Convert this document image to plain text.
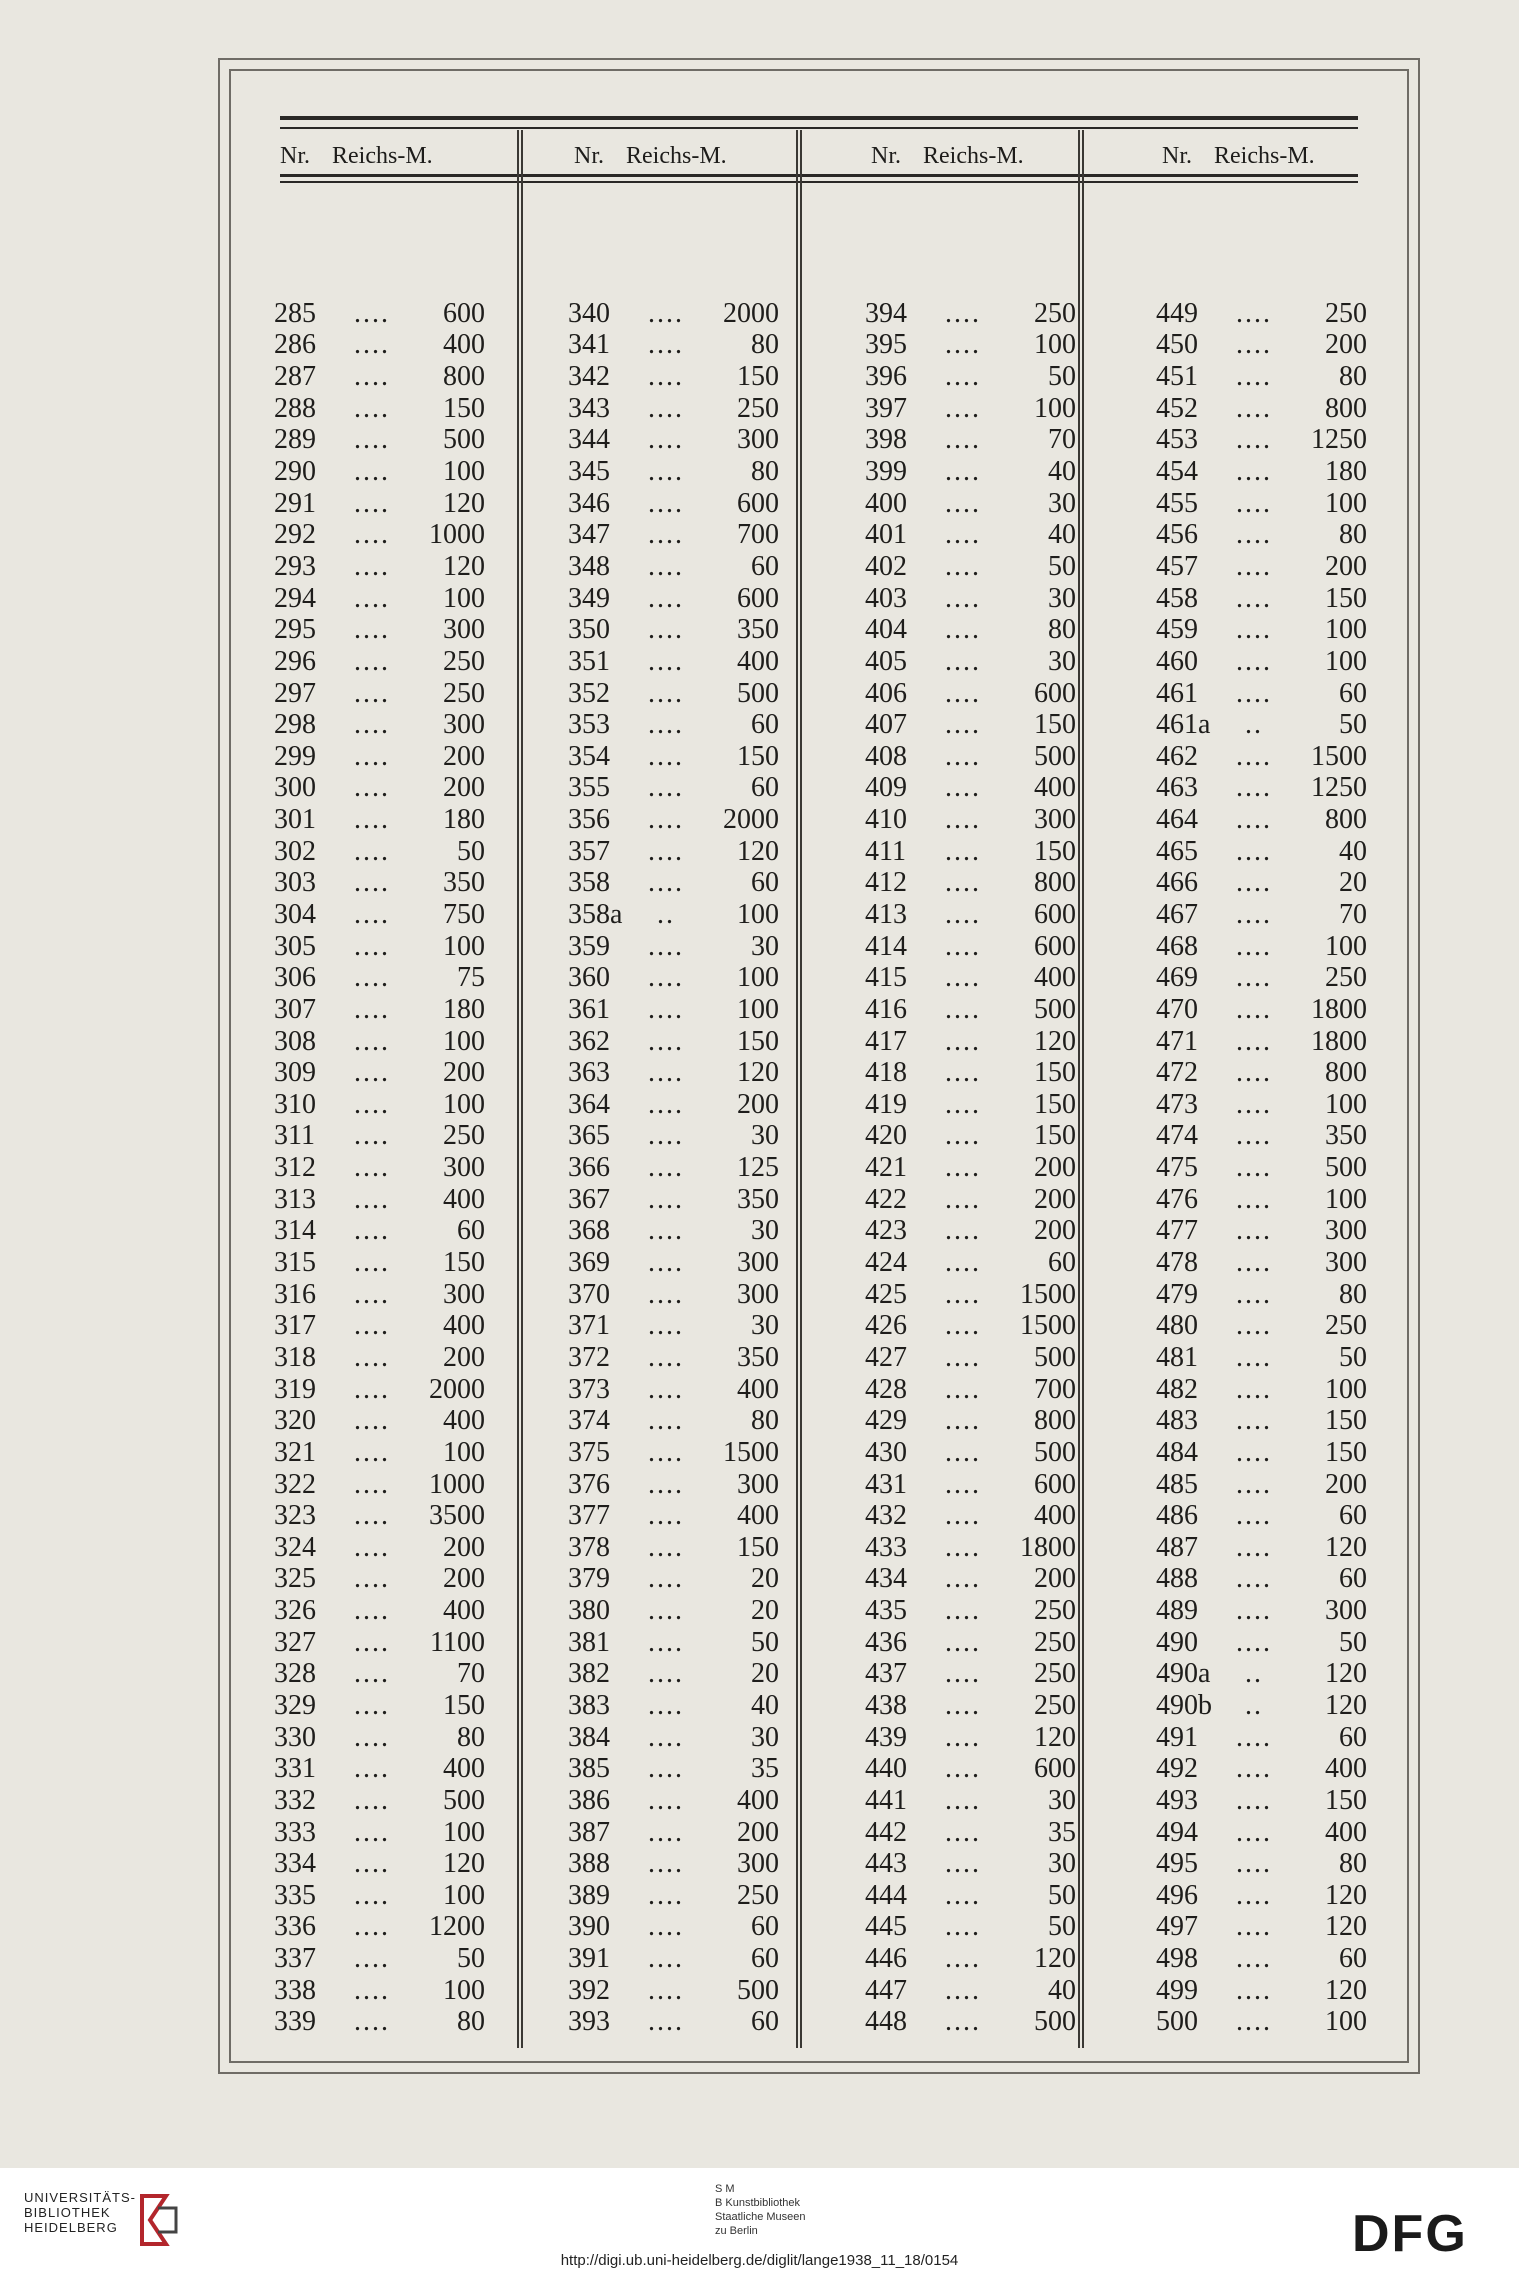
Nr. Reichs-M.
285	....	600
286	....	400
287	....	800
288	....	150
289	....	500
290	....	100
291	....	120
292	....	1000
293	....	120
294	....	100
295	....	300
296	....	250
297	....	250
298	....	300
299	....	200
300	....	200
301	....	180
302	....	50
303	....	350
304	....	750
305	....	100
306	....	75
307	....	180
308	....	100
309	....	200
310	....	100
311	....	250
312	....	300
313	....	400
314	....	60
315	....	150
316	....	300
317	....	400
318	....	200
319	....	2000
320	....	400
321	....	100
322	....	1000
323	....	3500
324	....	200
325	....	200
326	....	400
327	....	1100
328	....	70
329	....	150
330	....	80
331	....	400
332	....	500
333	....	100
334	....	120
335	....	100
336	....	1200
337	....	50
338	....	100
339	....	80
Nr. Reichs-M.
340	....	2000
341	....	80
342	....	150
343	....	250
344	....	300
345	....	80
346	....	600
347	....	700
348	....	60
349	....	600
350	....	350
351	....	400
352	....	500
353	....	60
354	....	150
355	....	60
356	....	2000
357	....	120
358	....	60
358a	..	100
359	....	30
360	....	100
361	....	100
362	....	150
363	....	120
364	....	200
365	....	30
366	....	125
367	....	350
368	....	30
369	....	300
370	....	300
371	....	30
372	....	350
373	....	400
374	....	80
375	....	1500
376	....	300
377	....	400
378	....	150
379	....	20
380	....	20
381	....	50
382	....	20
383	....	40
384	....	30
385	....	35
386	....	400
387	....	200
388	....	300
389	....	250
390	....	60
391	....	60
392	....	500
393	....	60
Nr. Reichs-M.
394	....	250
395	....	100
396	....	50
397	....	100
398	....	70
399	....	40
400	....	30
401	....	40
402	....	50
403	....	30
404	....	80
405	....	30
406	....	600
407	....	150
408	....	500
409	....	400
410	....	300
411	....	150
412	....	800
413	....	600
414	....	600
415	....	400
416	....	500
417	....	120
418	....	150
419	....	150
420	....	150
421	....	200
422	....	200
423	....	200
424	....	60
425	....	1500
426	....	1500
427	....	500
428	....	700
429	....	800
430	....	500
431	....	600
432	....	400
433	....	1800
434	....	200
435	....	250
436	....	250
437	....	250
438	....	250
439	....	120
440	....	600
441	....	30
442	....	35
443	....	30
444	....	50
445	....	50
446	....	120
447	....	40
448	....	500
Nr. Reichs-M.
449	....	250
450	....	200
451	....	80
452	....	800
453	....	1250
454	....	180
455	....	100
456	....	80
457	....	200
458	....	150
459	....	100
460	....	100
461	....	60
461a	..	50
462	....	1500
463	....	1250
464	....	800
465	....	40
466	....	20
467	....	70
468	....	100
469	....	250
470	....	1800
471	....	1800
472	....	800
473	....	100
474	....	350
475	....	500
476	....	100
477	....	300
478	....	300
479	....	80
480	....	250
481	....	50
482	....	100
483	....	150
484	....	150
485	....	200
486	....	60
487	....	120
488	....	60
489	....	300
490	....	50
490a	..	120
490b	..	120
491	....	60
492	....	400
493	....	150
494	....	400
495	....	80
496	....	120
497	....	120
498	....	60
499	....	120
500	....	100
UNIVERSITÄTS-
BIBLIOTHEK
HEIDELBERG
S M
B Kunstbibliothek
Staatliche Museen
zu Berlin	DFG
http://digi.ub.uni-heidelberg.de/diglit/lange1938_11_18/0154
